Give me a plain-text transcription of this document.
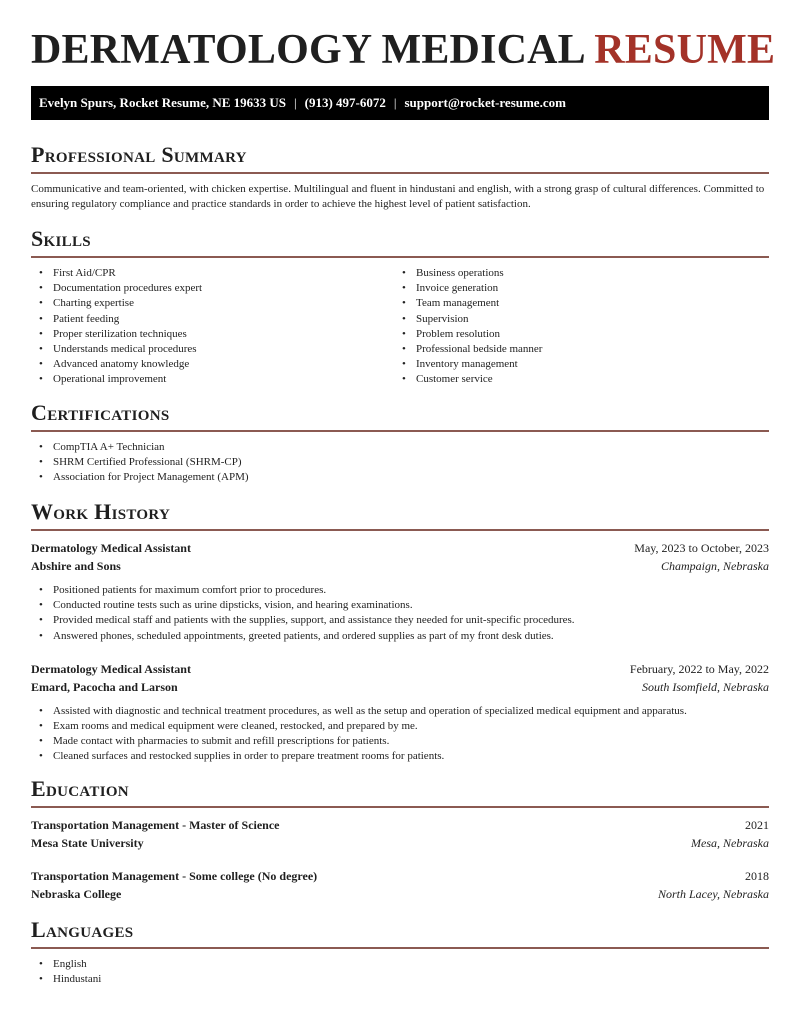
DERMATOLOGY MEDICAL RESUME
Evelyn Spurs, Rocket Resume, NE 19633 US | (913) 497-6072 | support@rocket-resume.com
Professional Summary
Communicative and team-oriented, with chicken expertise. Multilingual and fluent in hindustani and english, with a strong grasp of cultural differences. Committed to ensuring regulatory compliance and practice standards in order to achieve the highest level of patient satisfaction.
Skills
• First Aid/CPR
• Documentation procedures expert
• Charting expertise
• Patient feeding
• Proper sterilization techniques
• Understands medical procedures
• Advanced anatomy knowledge
• Operational improvement
• Business operations
• Invoice generation
• Team management
• Supervision
• Problem resolution
• Professional bedside manner
• Inventory management
• Customer service
Certifications
• CompTIA A+ Technician
• SHRM Certified Professional (SHRM-CP)
• Association for Project Management (APM)
Work History
Dermatology Medical Assistant	May, 2023 to October, 2023
Abshire and Sons	Champaign, Nebraska
• Positioned patients for maximum comfort prior to procedures.
• Conducted routine tests such as urine dipsticks, vision, and hearing examinations.
• Provided medical staff and patients with the supplies, support, and assistance they needed for unit-specific procedures.
• Answered phones, scheduled appointments, greeted patients, and ordered supplies as part of my front desk duties.
Dermatology Medical Assistant	February, 2022 to May, 2022
Emard, Pacocha and Larson	South Isomfield, Nebraska
• Assisted with diagnostic and technical treatment procedures, as well as the setup and operation of specialized medical equipment and apparatus.
• Exam rooms and medical equipment were cleaned, restocked, and prepared by me.
• Made contact with pharmacies to submit and refill prescriptions for patients.
• Cleaned surfaces and restocked supplies in order to prepare treatment rooms for patients.
Education
Transportation Management - Master of Science	2021
Mesa State University	Mesa, Nebraska
Transportation Management - Some college (No degree)	2018
Nebraska College	North Lacey, Nebraska
Languages
• English
• Hindustani
